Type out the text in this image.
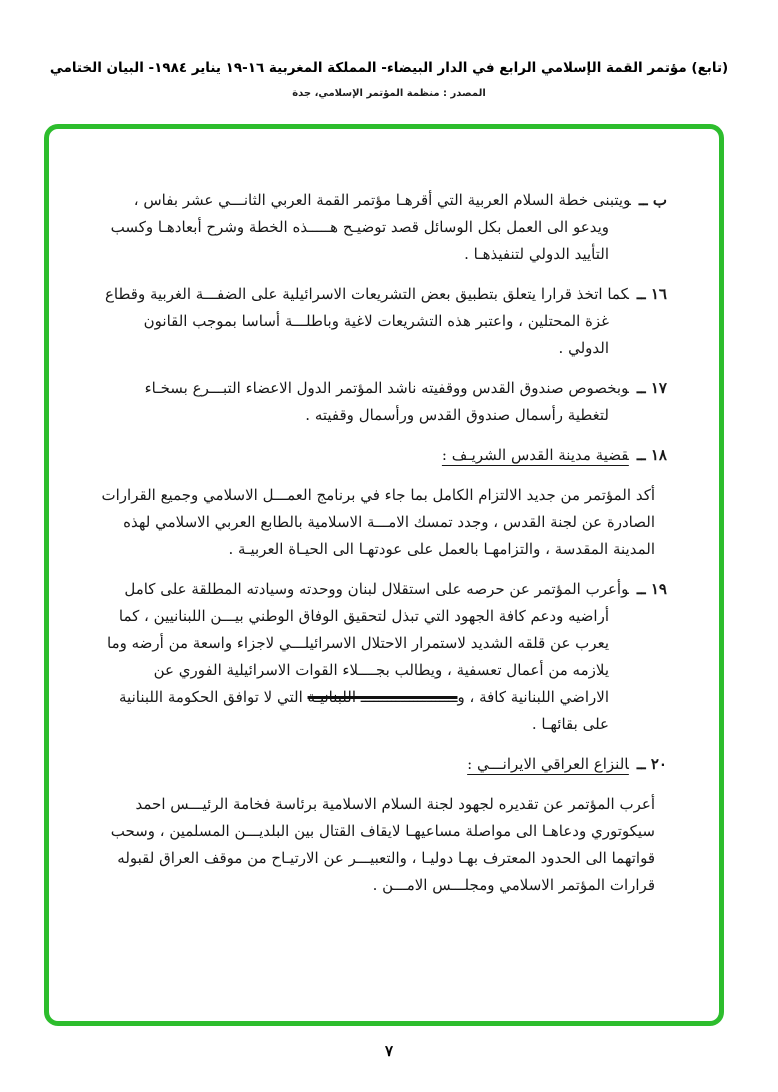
(تابع) مؤتمر القمة الإسلامي الرابع في الدار البيضاء- المملكة المغربية ١٦-١٩ يناير ١٩٨٤- البيان الختامي
المصدر : منظمة المؤتمر الإسلامي، جدة
ب ــويتبنى خطة السلام العربية التي أقرهـا مؤتمر القمة العربي الثانـــي عشر بفاس ، ويدعو الى العمل بكل الوسائل قصد توضيـح هـــــذه الخطة وشرح أبعادهـا وكسب التأييد الدولي لتنفيذهـا .
١٦ ــكما اتخذ قرارا يتعلق بتطبيق بعض التشريعات الاسرائيلية على الضفـــة الغربية وقطاع غزة المحتلين ، واعتبر هذه التشريعات لاغية وباطلـــة أساسا بموجب القانون الدولي .
١٧ ــوبخصوص صندوق القدس ووقفيته ناشد المؤتمر الدول الاعضاء التبـــرع بسخـاء لتغطية رأسمال صندوق القدس ورأسمال وقفيته .
١٨ ــقضية مدينة القدس الشريـف :
أكد المؤتمر من جديد الالتزام الكامل بما جاء في برنامج العمـــل الاسلامي وجميع القرارات الصادرة عن لجنة القدس ، وجدد تمسك الامـــة الاسلامية بالطابع العربي الاسلامي لهذه المدينة المقدسة ، والتزامهـا بالعمل على عودتهـا الى الحيـاة العربيـة .
١٩ ــوأعرب المؤتمر عن حرصه على استقلال لبنان ووحدته وسيادته المطلقة على كامل أراضيه ودعم كافة الجهود التي تبذل لتحقيق الوفاق الوطني بيـــن اللبنانيين ، كما يعرب عن قلقه الشديد لاستمرار الاحتلال الاسرائيلـــي لاجزاء واسعة من أرضه وما يلازمه من أعمال تعسفية ، ويطالب بجــــلاء القوات الاسرائيلية الفوري عن الاراضي اللبنانية كافة ، وــــــــــــــــــــــ اللبنانيـة التي لا توافق الحكومة اللبنانية على بقائهـا .
٢٠ ــالنزاع العراقي الايرانـــي :
أعرب المؤتمر عن تقديره لجهود لجنة السلام الاسلامية برئاسة فخامة الرئيـــس احمد سيكوتوري ودعاهـا الى مواصلة مساعيهـا لايقاف القتال بين البلديـــن المسلمين ، وسحب قواتهما الى الحدود المعترف بهـا دوليـا ، والتعبيـــر عن الارتيـاح من موقف العراق لقبوله قرارات المؤتمر الاسلامي ومجلـــس الامـــن .
٧
